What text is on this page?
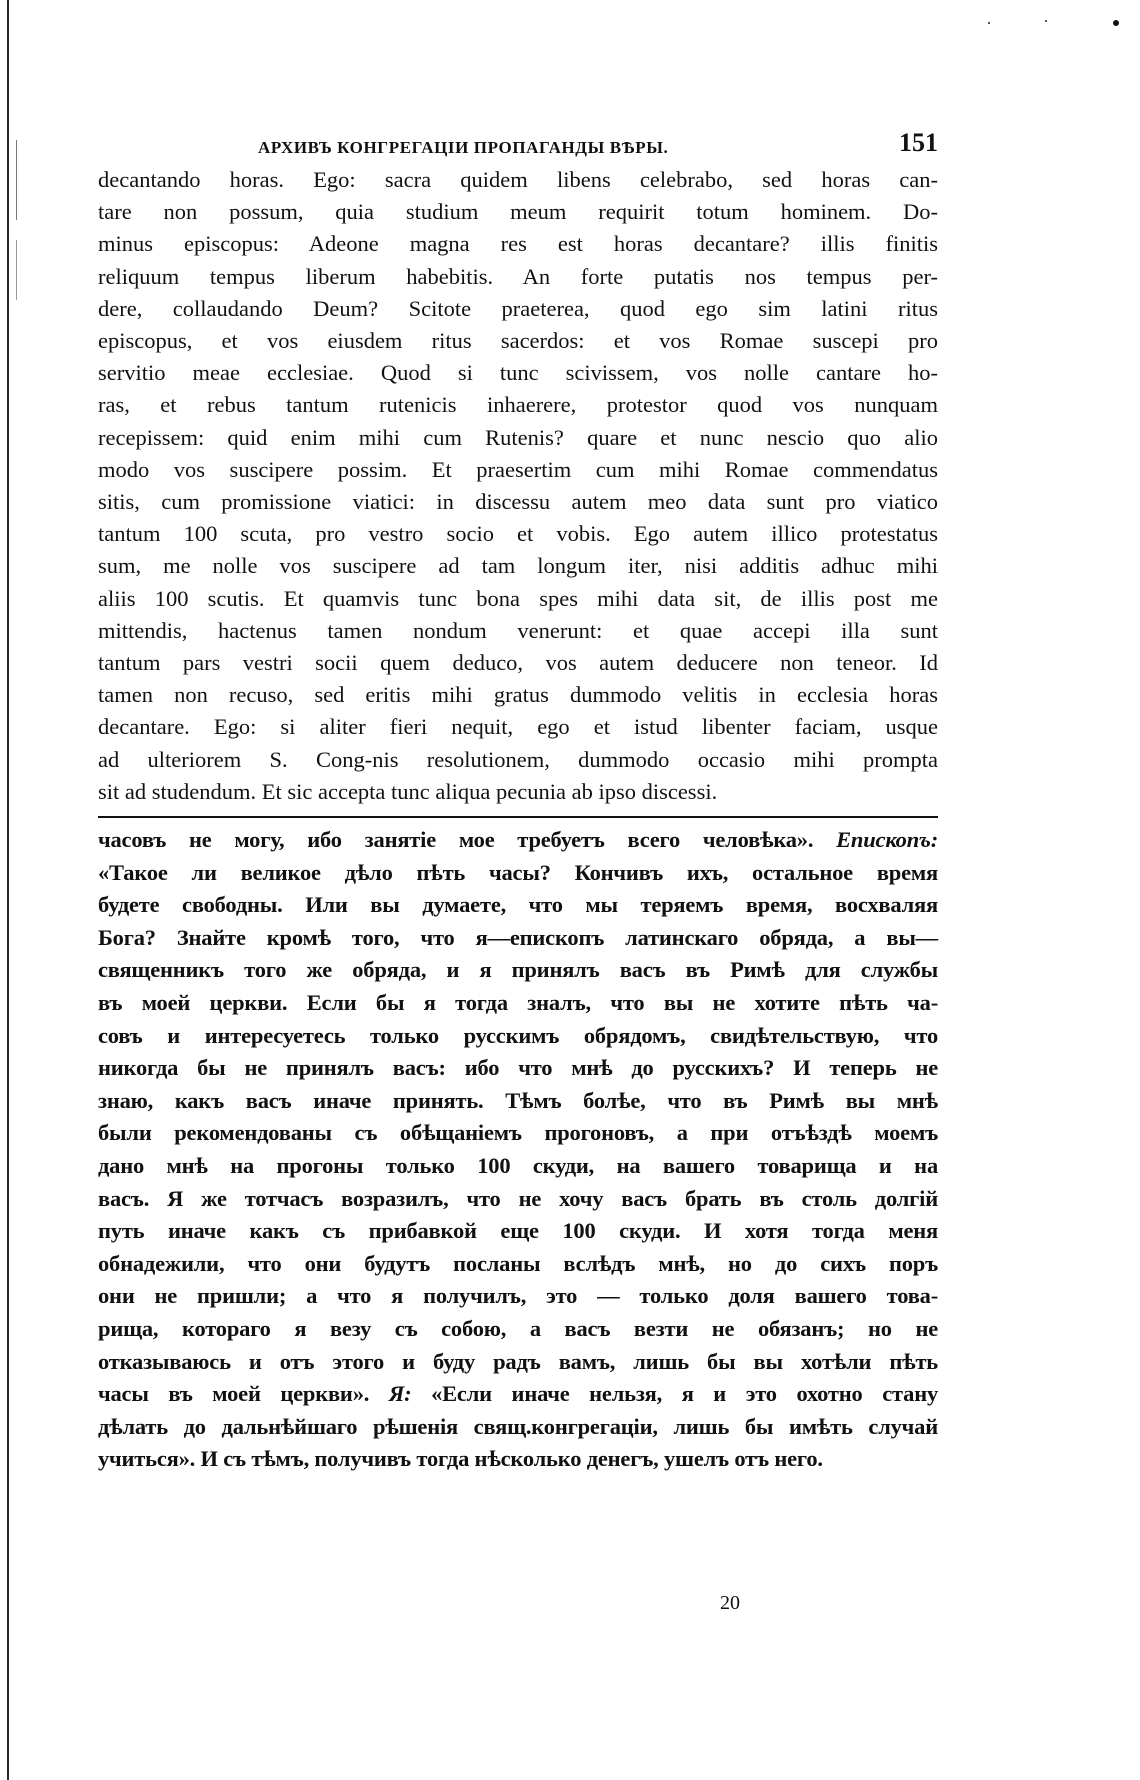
АРХИВЪ КОНГРЕГАЦІИ ПРОПАГАНДЫ ВѢРЫ.	151
decantando horas. Ego: sacra quidem libens celebrabo, sed horas can-
tare non possum, quia studium meum requirit totum hominem. Do-
minus episcopus: Adeone magna res est horas decantare? illis finitis
reliquum tempus liberum habebitis. An forte putatis nos tempus per-
dere, collaudando Deum? Scitote praeterea, quod ego sim latini ritus
episcopus, et vos eiusdem ritus sacerdos: et vos Romae suscepi pro
servitio meae ecclesiae. Quod si tunc scivissem, vos nolle cantare ho-
ras, et rebus tantum rutenicis inhaerere, protestor quod vos nunquam
recepissem: quid enim mihi cum Rutenis? quare et nunc nescio quo alio
modo vos suscipere possim. Et praesertim cum mihi Romae commendatus
sitis, cum promissione viatici: in discessu autem meo data sunt pro viatico
tantum 100 scuta, pro vestro socio et vobis. Ego autem illico protestatus
sum, me nolle vos suscipere ad tam longum iter, nisi additis adhuc mihi
aliis 100 scutis. Et quamvis tunc bona spes mihi data sit, de illis post me
mittendis, hactenus tamen nondum venerunt: et quae accepi illa sunt
tantum pars vestri socii quem deduco, vos autem deducere non teneor. Id
tamen non recuso, sed eritis mihi gratus dummodo velitis in ecclesia horas
decantare. Ego: si aliter fieri nequit, ego et istud libenter faciam, usque
ad ulteriorem S. Cong-nis resolutionem, dummodo occasio mihi prompta
sit ad studendum. Et sic accepta tunc aliqua pecunia ab ipso discessi.
часовъ не могу, ибо занятіе мое требуетъ всего человѣка». Епископъ:
«Такое ли великое дѣло пѣть часы? Кончивъ ихъ, остальное время
будете свободны. Или вы думаете, что мы теряемъ время, восхваляя
Бога? Знайте кромѣ того, что я—епископъ латинскаго обряда, а вы—
священникъ того же обряда, и я принялъ васъ въ Римѣ для службы
въ моей церкви. Если бы я тогда зналъ, что вы не хотите пѣть ча-
совъ и интересуетесь только русскимъ обрядомъ, свидѣтельствую, что
никогда бы не принялъ васъ: ибо что мнѣ до русскихъ? И теперь не
знаю, какъ васъ иначе принять. Тѣмъ болѣе, что въ Римѣ вы мнѣ
были рекомендованы съ обѣщаніемъ прогоновъ, а при отъѣздѣ моемъ
дано мнѣ на прогоны только 100 скуди, на вашего товарища и на
васъ. Я же тотчасъ возразилъ, что не хочу васъ брать въ столь долгій
путь иначе какъ съ прибавкой еще 100 скуди. И хотя тогда меня
обнадежили, что они будутъ посланы вслѣдъ мнѣ, но до сихъ поръ
они не пришли; а что я получилъ, это — только доля вашего това-
рища, котораго я везу съ собою, а васъ везти не обязанъ; но не
отказываюсь и отъ этого и буду радъ вамъ, лишь бы вы хотѣли пѣть
часы въ моей церкви». Я: «Если иначе нельзя, я и это охотно стану
дѣлать до дальнѣйшаго рѣшенія свящ.конгрегаціи, лишь бы имѣть случай
учиться». И съ тѣмъ, получивъ тогда нѣсколько денегъ, ушелъ отъ него.
20
